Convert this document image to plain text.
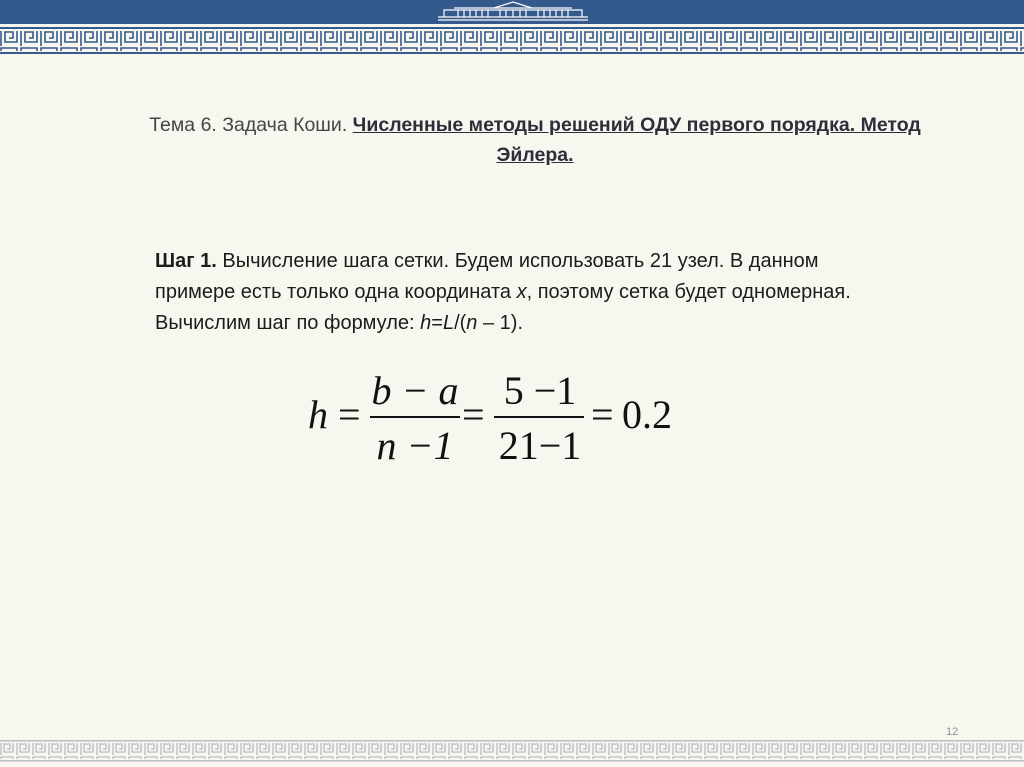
Тема 6. Задача Коши. Численные методы решений ОДУ первого порядка. Метод Эйлера.
Шаг 1. Вычисление шага сетки. Будем использовать 21 узел. В данном примере есть только одна координата x, поэтому сетка будет одномерная. Вычислим шаг по формуле: h=L/(n – 1).
h =
b − a
n −1
=
5 −1
21−1
= 0.2
12
